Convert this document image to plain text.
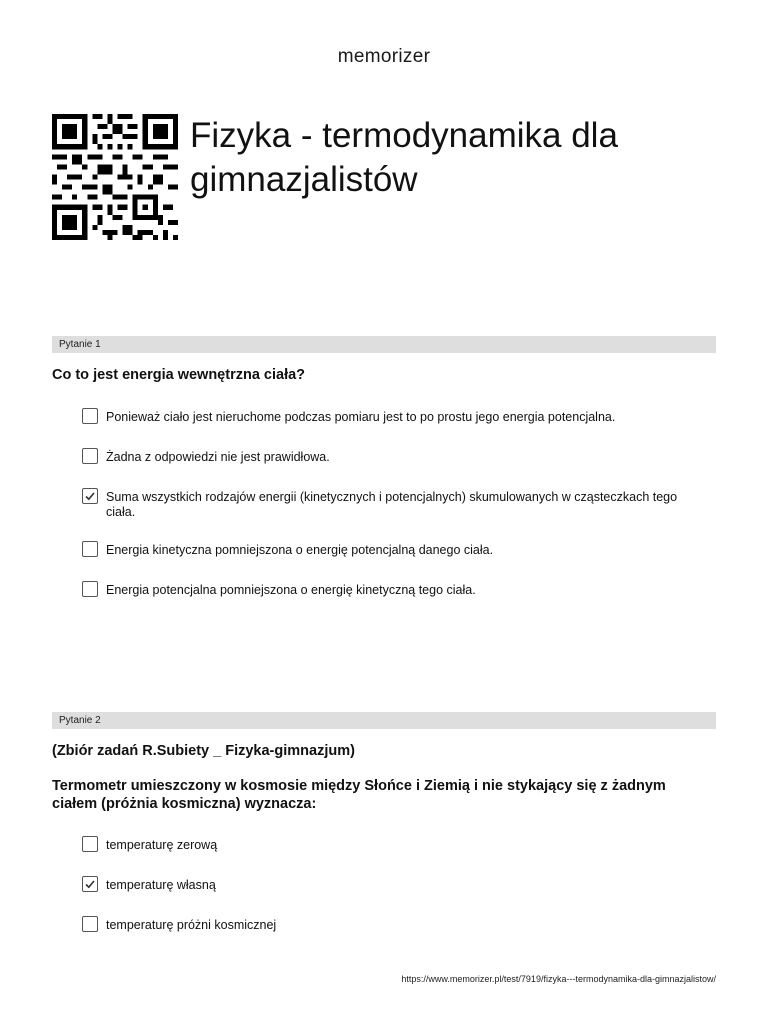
memorizer
Fizyka - termodynamika dla gimnazjalistów
Pytanie 1

Co to jest energia wewnętrzna ciała?

Ponieważ ciało jest nieruchome podczas pomiaru jest to po prostu jego energia potencjalna.
Żadna z odpowiedzi nie jest prawidłowa.
Suma wszystkich rodzajów energii (kinetycznych i potencjalnych) skumulowanych w cząsteczkach tego ciała.
Energia kinetyczna pomniejszona o energię potencjalną danego ciała.
Energia potencjalna pomniejszona o energię kinetyczną tego ciała.
Pytanie 2

(Zbiór zadań R.Subiety _ Fizyka-gimnazjum)

Termometr umieszczony w kosmosie między Słońce i Ziemią i nie stykający się z żadnym ciałem (próżnia kosmiczna) wyznacza:

temperaturę zerową
temperaturę własną
temperaturę próżni kosmicznej
https://www.memorizer.pl/test/7919/fizyka---termodynamika-dla-gimnazjalistow/
